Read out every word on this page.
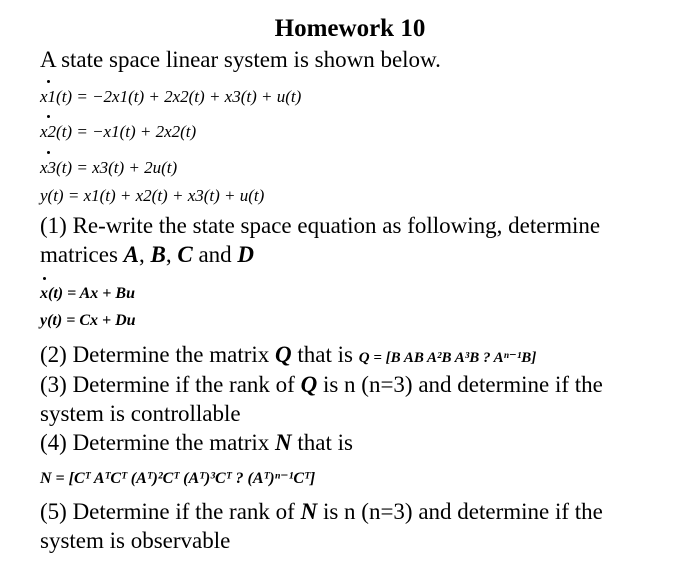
Homework 10
A state space linear system is shown below.
x1(t) = −2x1(t) + 2x2(t) + x3(t) + u(t)
x2(t) = −x1(t) + 2x2(t)
x3(t) = x3(t) + 2u(t)
y(t) = x1(t) + x2(t) + x3(t) + u(t)
(1) Re-write the state space equation as following, determine
matrices A, B, C and D
x(t) = Ax + Bu
y(t) = Cx + Du
(2) Determine the matrix Q that is Q = [B AB A²B A³B ? Aⁿ⁻¹B]
(3) Determine if the rank of Q is n (n=3) and determine if the
system is controllable
(4) Determine the matrix N that is
N = [Cᵀ AᵀCᵀ (Aᵀ)²Cᵀ (Aᵀ)³Cᵀ ? (Aᵀ)ⁿ⁻¹Cᵀ]
(5) Determine if the rank of N is n (n=3) and determine if the
system is observable
